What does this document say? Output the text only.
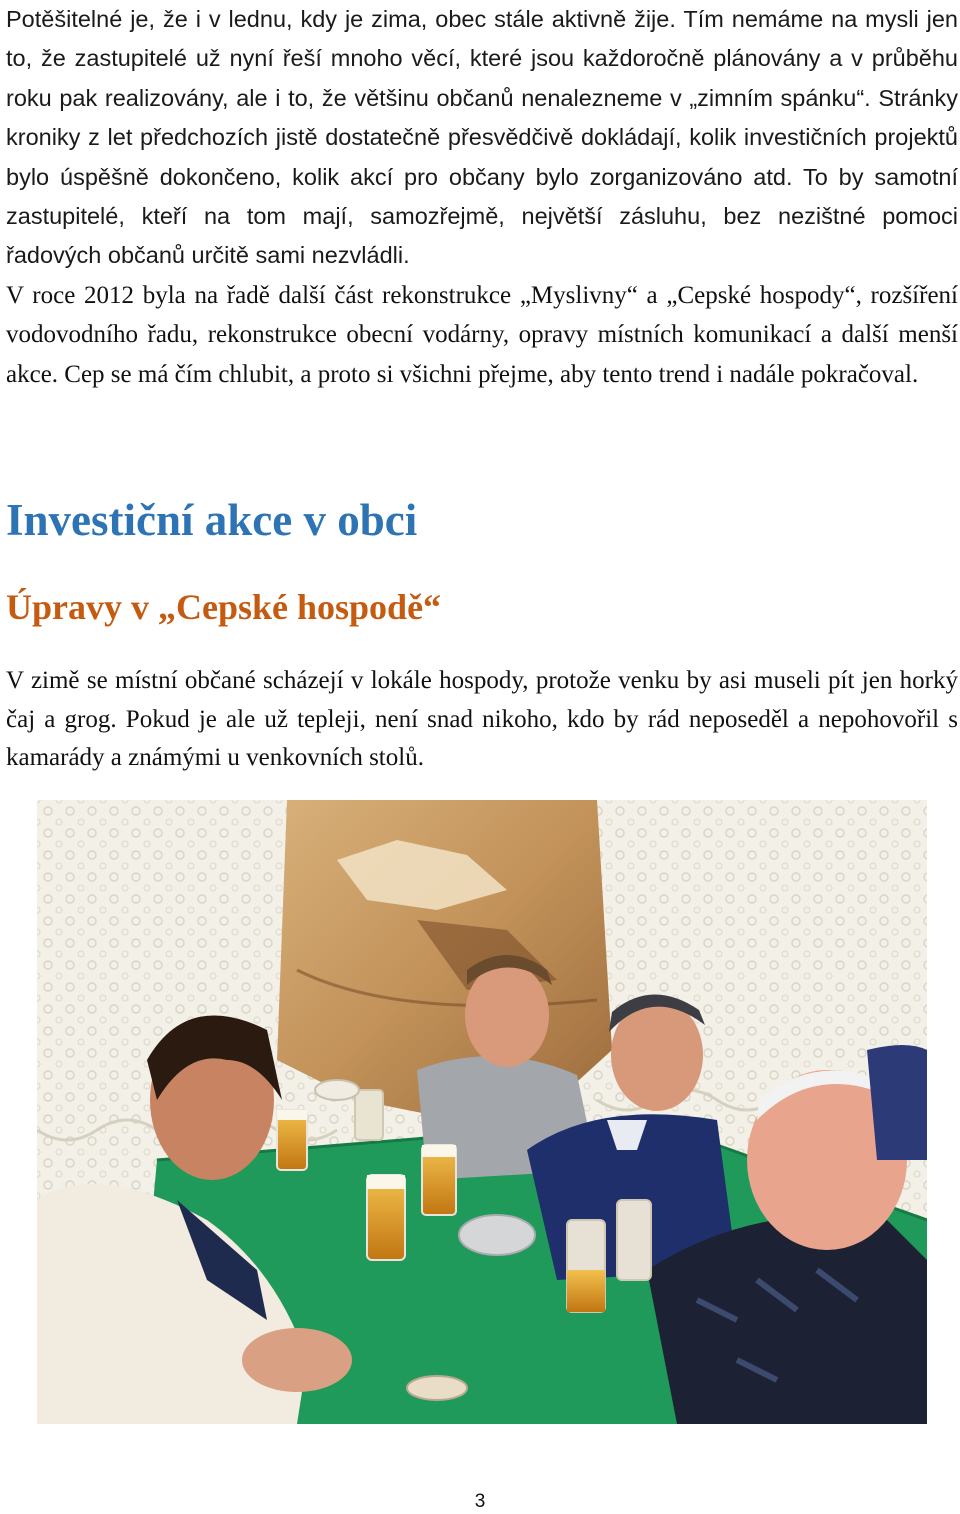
Potěšitelné je, že i v lednu, kdy je zima, obec stále aktivně žije. Tím nemáme na mysli jen to, že zastupitelé už nyní řeší mnoho věcí, které jsou každoročně plánovány a v průběhu roku pak realizovány, ale i to, že většinu občanů nenalezneme v „zimním spánku“. Stránky kroniky z let předchozích jistě dostatečně přesvědčivě dokládají, kolik investičních projektů bylo úspěšně dokončeno, kolik akcí pro občany bylo zorganizováno atd. To by samotní zastupitelé, kteří na tom mají, samozřejmě, největší zásluhu, bez nezištné pomoci řadových občanů určitě sami nezvládli.

V roce 2012 byla na řadě další část rekonstrukce „Myslivny“ a „Cepské hospody“, rozšíření vodovodního řadu, rekonstrukce obecní vodárny, opravy místních komunikací a další menší akce. Cep se má čím chlubit, a proto si všichni přejme, aby tento trend i nadále pokračoval.

Investiční akce v obci
Úpravy v „Cepské hospodě“

V zimě se místní občané scházejí v lokále hospody, protože venku by asi museli pít jen horký čaj a grog. Pokud je ale už tepleji, není snad nikoho, kdo by rád neposeděl a nepohovořil s kamarády a známými u venkovních stolů.

3
